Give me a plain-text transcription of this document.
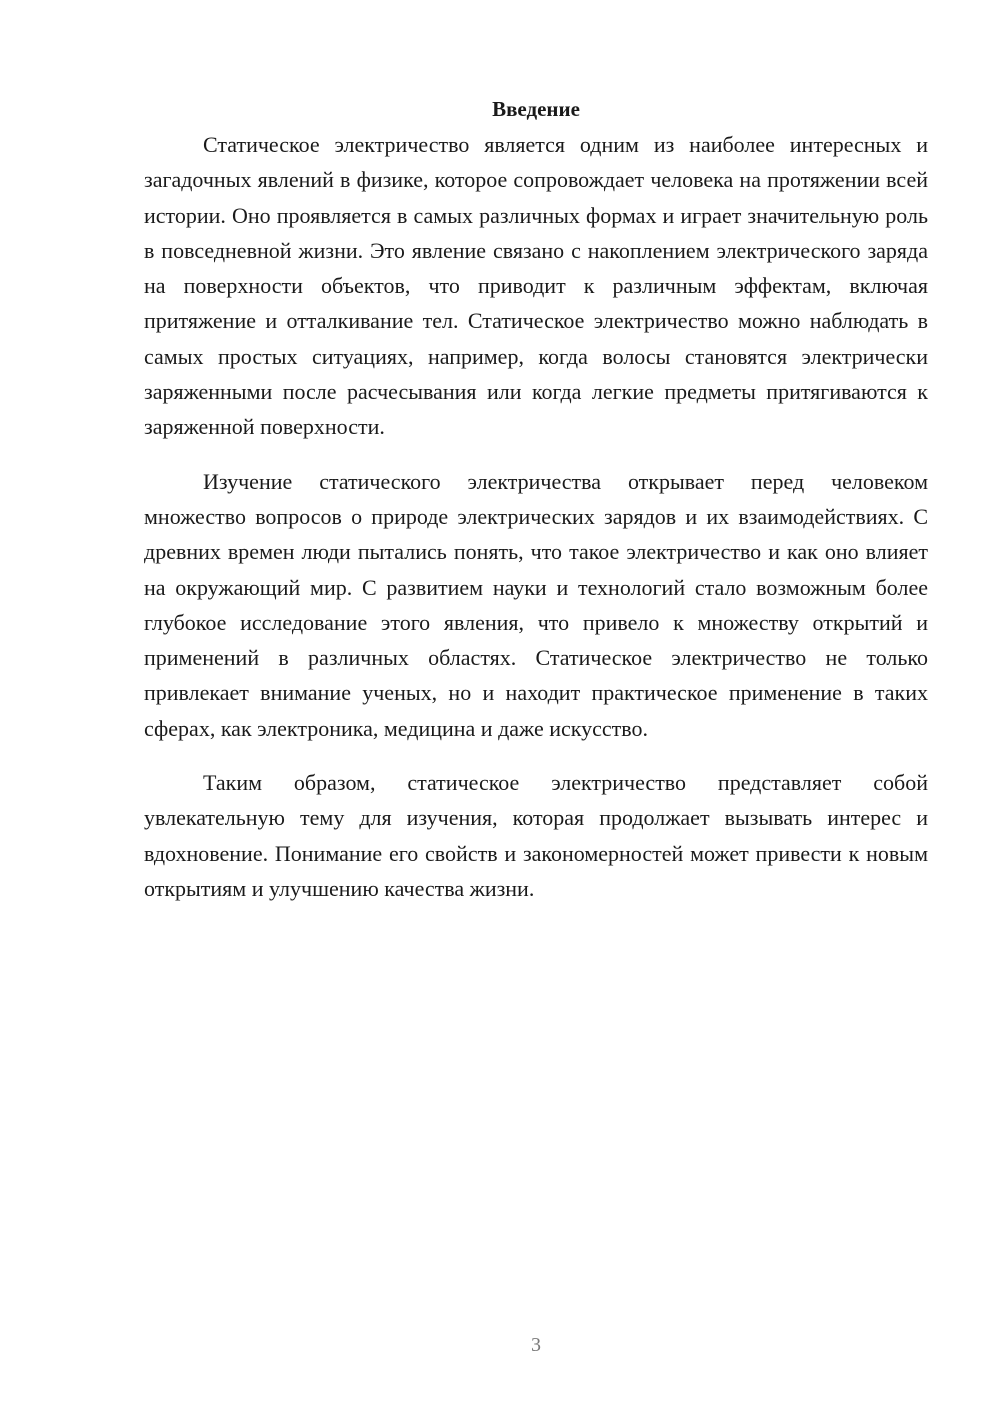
Введение

Статическое электричество является одним из наиболее интересных и загадочных явлений в физике, которое сопровождает человека на протяжении всей истории. Оно проявляется в самых различных формах и играет значительную роль в повседневной жизни. Это явление связано с накоплением электрического заряда на поверхности объектов, что приводит к различным эффектам, включая притяжение и отталкивание тел. Статическое электричество можно наблюдать в самых простых ситуациях, например, когда волосы становятся электрически заряженными после расчесывания или когда легкие предметы притягиваются к заряженной поверхности.

Изучение статического электричества открывает перед человеком множество вопросов о природе электрических зарядов и их взаимодействиях. С древних времен люди пытались понять, что такое электричество и как оно влияет на окружающий мир. С развитием науки и технологий стало возможным более глубокое исследование этого явления, что привело к множеству открытий и применений в различных областях. Статическое электричество не только привлекает внимание ученых, но и находит практическое применение в таких сферах, как электроника, медицина и даже искусство.

Таким образом, статическое электричество представляет собой увлекательную тему для изучения, которая продолжает вызывать интерес и вдохновение. Понимание его свойств и закономерностей может привести к новым открытиям и улучшению качества жизни.

3
